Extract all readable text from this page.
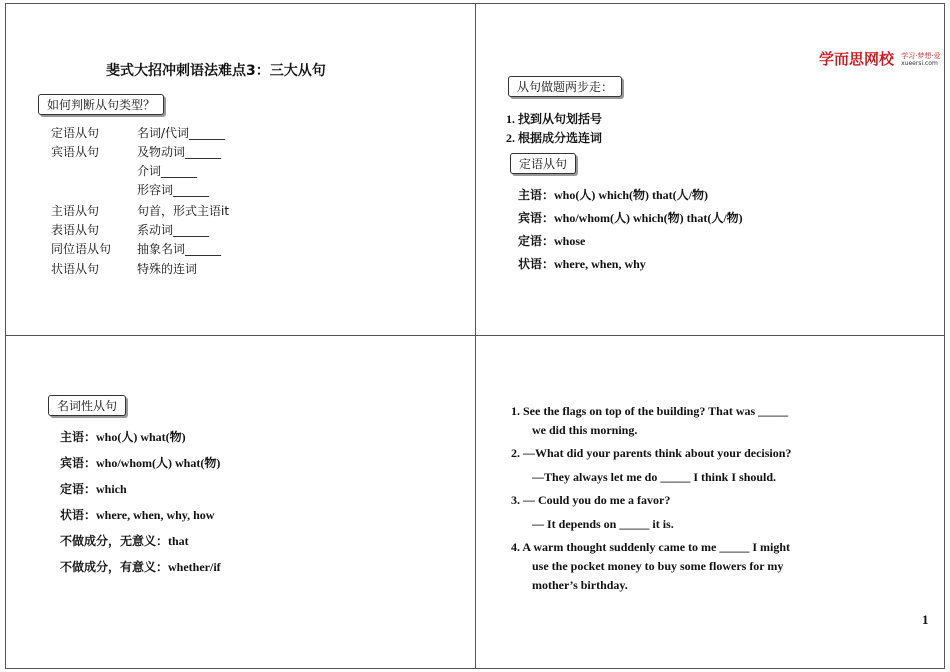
斐式大招冲刺语法难点3：三大从句
如何判断从句类型？
定语从句	名词/代词______
宾语从句	及物动词______
介词______
形容词______
主语从句	句首，形式主语it
表语从句	系动词______
同位语从句 抽象名词______
状语从句	特殊的连词
学而思网校 学习·梦想·爱
xueersi.com
从句做题两步走：
1. 找到从句划括号
2. 根据成分选连词
定语从句
主语：who(人) which(物) that(人/物)
宾语：who/whom(人) which(物) that(人/物)
定语：whose
状语：where, when, why
名词性从句
主语：who(人) what(物)
宾语：who/whom(人) what(物)
定语：which
状语：where, when, why, how
不做成分，无意义：that
不做成分，有意义：whether/if
1. See the flags on top of the building? That was _____
we did this morning.
2. —What did your parents think about your decision?
—They always let me do _____ I think I should.
3. — Could you do me a favor?
— It depends on _____ it is.
4. A warm thought suddenly came to me _____ I might
use the pocket money to buy some flowers for my
mother’s birthday.
1
